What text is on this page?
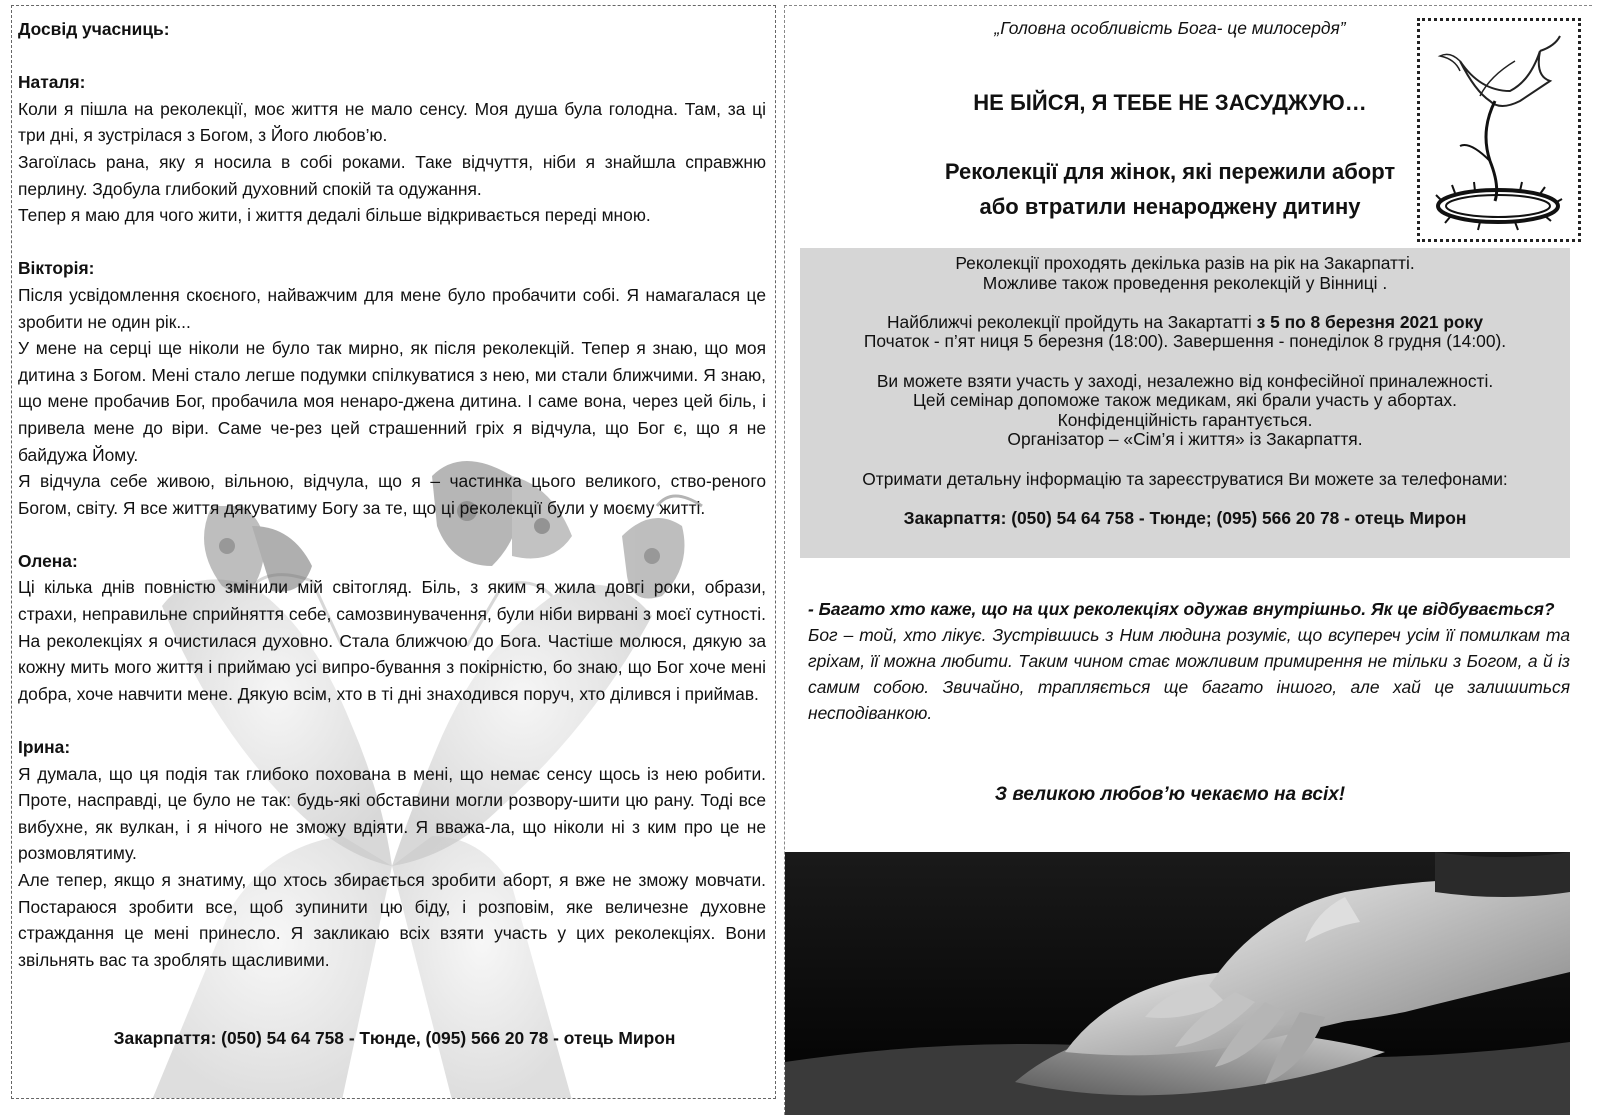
Досвід учасниць:

Наталя:

Коли я пішла на реколекції, моє життя не мало сенсу. Моя душа була голодна. Там, за ці три дні, я зустрілася з Богом, з Його любов’ю.

Загоїлась рана, яку я носила в собі роками. Таке відчуття, ніби я знайшла справжню перлину. Здобула глибокий духовний спокій та одужання.

Тепер я маю для чого жити, і життя дедалі більше відкривається переді мною.

Вікторія:

Після усвідомлення скоєного, найважчим для мене було пробачити собі. Я намагалася це зробити не один рік...

У мене на серці ще ніколи не було так мирно, як після реколекцій. Тепер я знаю, що моя дитина з Богом. Мені стало легше подумки спілкуватися з нею, ми стали ближчими. Я знаю, що мене пробачив Бог, пробачила моя ненаро-джена дитина. І саме вона, через цей біль, і привела мене до віри. Саме че-рез цей страшенний гріх я відчула, що Бог є, що я не байдужа Йому.

Я відчула себе живою, вільною, відчула, що я – частинка цього великого, ство-реного Богом, світу. Я все життя дякуватиму Богу за те, що ці реколекції були у моєму житті.

Олена:

Ці кілька днів повністю змінили мій світогляд. Біль, з яким я жила довгі роки, образи, страхи, неправильне сприйняття себе, самозвинувачення, були ніби вирвані з моєї сутності. На реколекціях я очистилася духовно. Стала ближчою до Бога. Частіше молюся, дякую за кожну мить мого життя і приймаю усі випро-бування з покірністю, бо знаю, що Бог хоче мені добра, хоче навчити мене. Дякую всім, хто в ті дні знаходився поруч, хто ділився і приймав.

Ірина:

Я думала, що ця подія так глибоко похована в мені, що немає сенсу щось із нею робити. Проте, насправді, це було не так: будь-які обставини могли розвору-шити цю рану. Тоді все вибухне, як вулкан, і я нічого не зможу вдіяти. Я вважа-ла, що ніколи ні з ким про це не розмовлятиму.

Але тепер, якщо я знатиму, що хтось збирається зробити аборт, я вже не зможу мовчати. Постараюся зробити все, щоб зупинити цю біду, і розповім, яке величезне духовне страждання це мені принесло. Я закликаю всіх взяти участь у цих реколекціях. Вони звільнять вас та зроблять щасливими.

Закарпаття: (050) 54 64 758 - Тюнде, (095) 566 20 78 - отець Мирон
„Головна особливість Бога- це милосердя”
НЕ БІЙСЯ, Я ТЕБЕ НЕ ЗАСУДЖУЮ…
Реколекції для жінок, які пережили аборт
або втратили ненароджену дитину

Реколекції проходять декілька разів на рік на Закарпатті.

Можливе також проведення реколекцій у Вінниці .

Найближчі реколекції пройдуть на Закартатті з 5 по 8 березня 2021 року

Початок - п’ят ниця 5 березня (18:00). Завершення - понеділок 8 грудня (14:00).

Ви можете взяти участь у заході, незалежно від конфесійної приналежності.

Цей семінар допоможе також медикам, які брали участь у абортах.

Конфіденційність гарантується.

Організатор – «Сім’я і життя» із Закарпаття.

Отримати детальну інформацію та зареєструватися Ви можете за телефонами:

Закарпаття: (050) 54 64 758 - Тюнде; (095) 566 20 78 - отець Мирон

- Багато хто каже, що на цих реколекціях одужав внутрішньо. Як це відбувається?

Бог – той, хто лікує. Зустрівшись з Ним людина розуміє, що всупереч усім її помилкам та гріхам, її можна любити. Таким чином стає можливим примирення не тільки з Богом, а й із самим собою. Звичайно, трапляється ще багато іншого, але хай це залишиться несподіванкою.

З великою любов’ю чекаємо на всіх!
